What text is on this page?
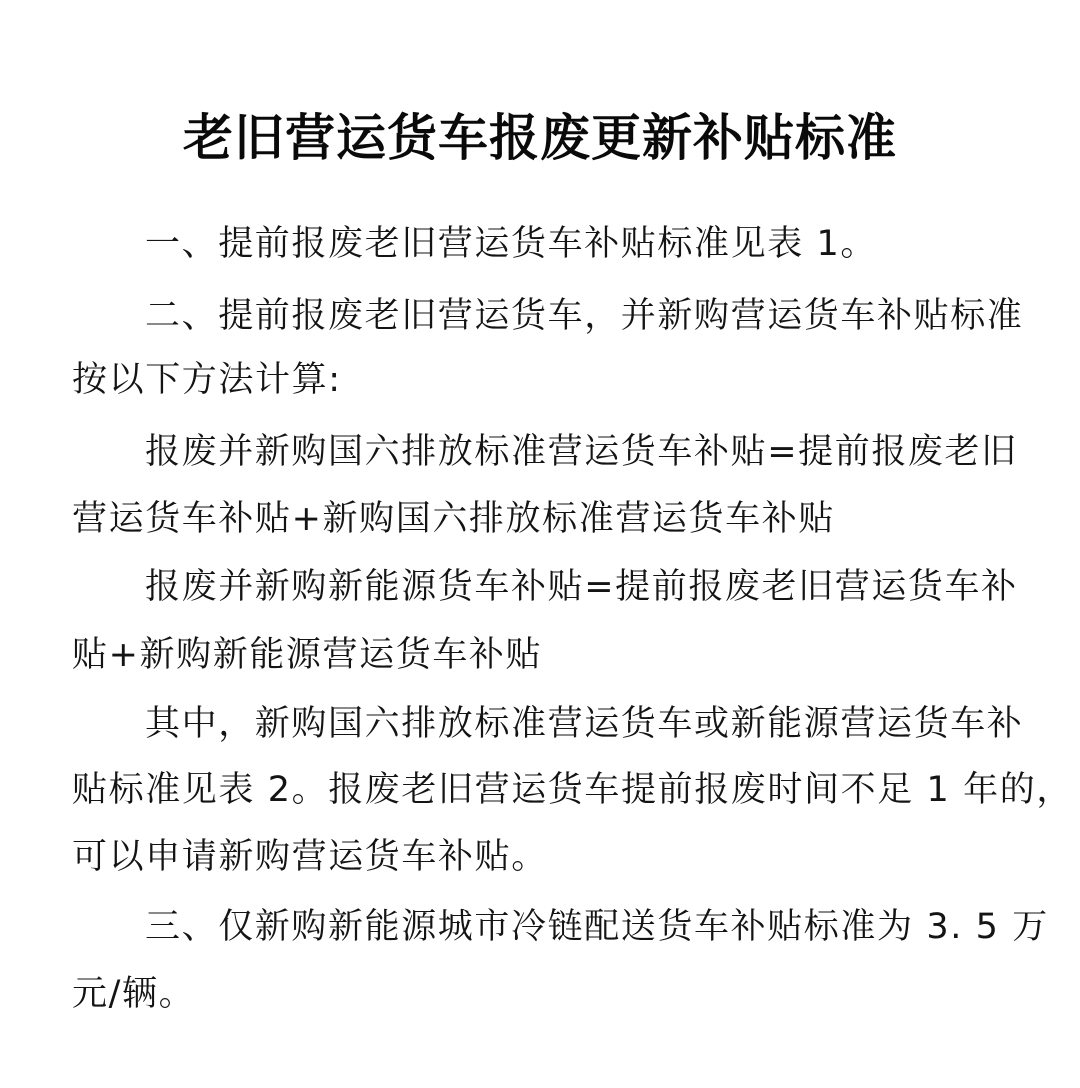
老旧营运货车报废更新补贴标准
一、提前报废老旧营运货车补贴标准见表 1。
二、提前报废老旧营运货车，并新购营运货车补贴标准
按以下方法计算:
报废并新购国六排放标准营运货车补贴=提前报废老旧
营运货车补贴+新购国六排放标准营运货车补贴
报废并新购新能源货车补贴=提前报废老旧营运货车补
贴+新购新能源营运货车补贴
其中，新购国六排放标准营运货车或新能源营运货车补
贴标准见表 2。报废老旧营运货车提前报废时间不足 1 年的，
可以申请新购营运货车补贴。
三、仅新购新能源城市冷链配送货车补贴标准为 3. 5 万
元/辆。
